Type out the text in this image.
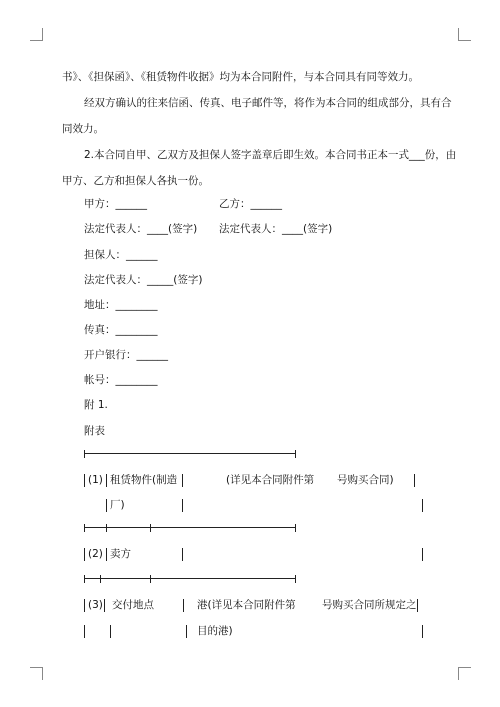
书》、《担保函》、《租赁物件收据》均为本合同附件，与本合同具有同等效力。
经双方确认的往来信函、传真、电子邮件等，将作为本合同的组成部分，具有合
同效力。
2.本合同自甲、乙双方及担保人签字盖章后即生效。本合同书正本一式___份，由
甲方、乙方和担保人各执一份。
甲方：______	乙方：______
法定代表人：____(签字) 法定代表人：____(签字)
担保人：______
法定代表人：_____(签字)
地址：________
传真：________
开户银行：______
帐号：________
附 1.
附表
(1) 租赁物件(制造	(详见本合同附件第 号购买合同)
厂)
(2) 卖方
(3) 交付地点	港(详见本合同附件第	号购买合同所规定之
目的港)
